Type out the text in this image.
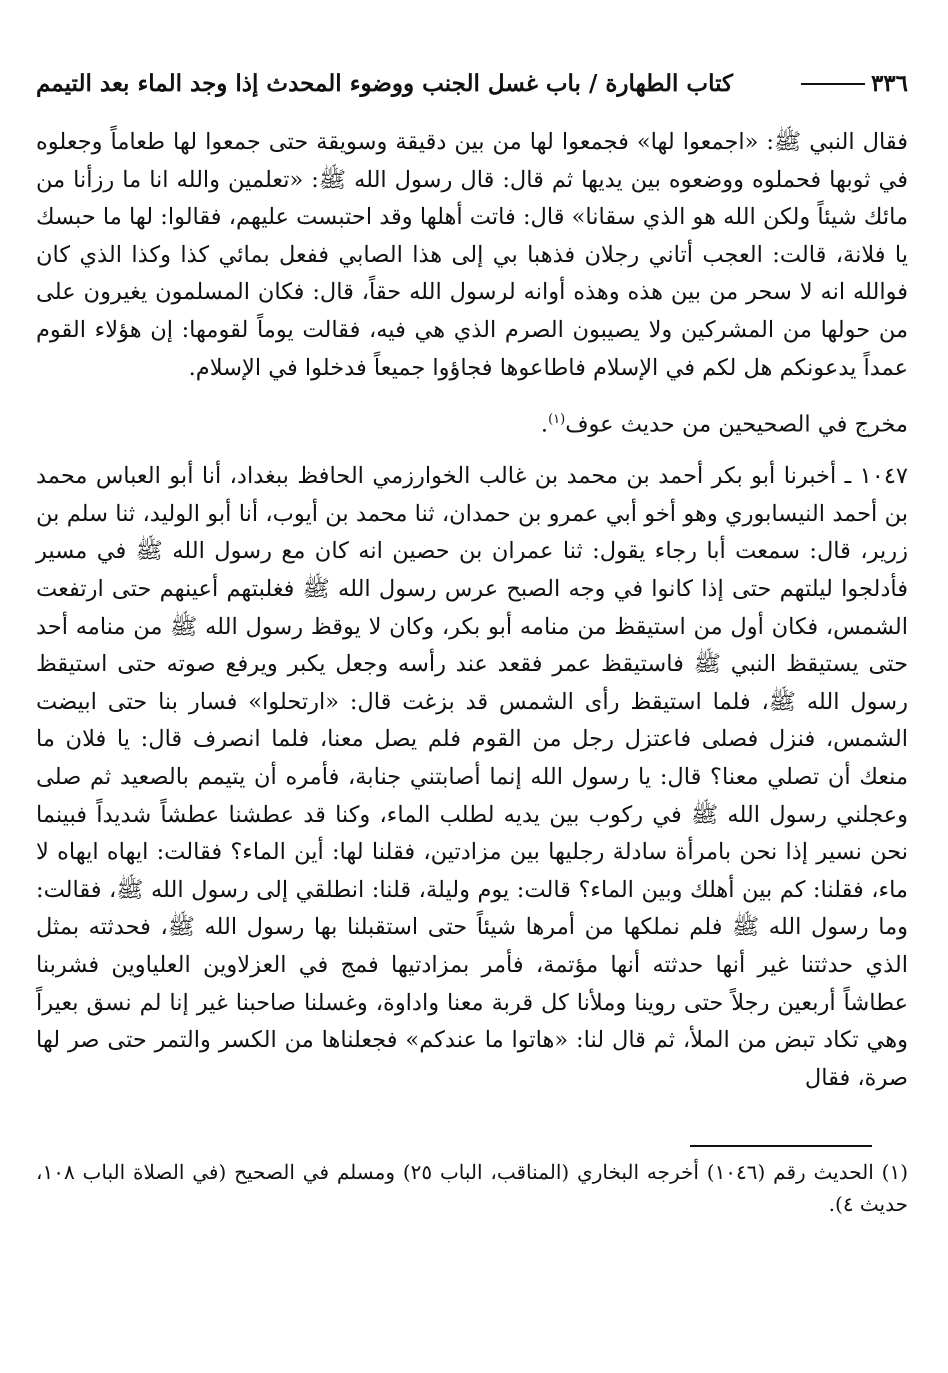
٣٣٦
كتاب الطهارة / باب غسل الجنب ووضوء المحدث إذا وجد الماء بعد التيمم

فقال النبي ﷺ: «اجمعوا لها» فجمعوا لها من بين دقيقة وسويقة حتى جمعوا لها طعاماً وجعلوه في ثوبها فحملوه ووضعوه بين يديها ثم قال: قال رسول الله ﷺ: «تعلمين والله انا ما رزأنا من مائك شيئاً ولكن الله هو الذي سقانا» قال: فاتت أهلها وقد احتبست عليهم، فقالوا: لها ما حبسك يا فلانة، قالت: العجب أتاني رجلان فذهبا بي إلى هذا الصابي ففعل بمائي كذا وكذا الذي كان فوالله انه لا سحر من بين هذه وهذه أوانه لرسول الله حقاً، قال: فكان المسلمون يغيرون على من حولها من المشركين ولا يصيبون الصرم الذي هي فيه، فقالت يوماً لقومها: إن هؤلاء القوم عمداً يدعونكم هل لكم في الإسلام فاطاعوها فجاؤوا جميعاً فدخلوا في الإسلام.

مخرج في الصحيحين من حديث عوف$^{(١)}$.

١٠٤٧ ـ أخبرنا أبو بكر أحمد بن محمد بن غالب الخوارزمي الحافظ ببغداد، أنا أبو العباس محمد بن أحمد النيسابوري وهو أخو أبي عمرو بن حمدان، ثنا محمد بن أيوب، أنا أبو الوليد، ثنا سلم بن زرير، قال: سمعت أبا رجاء يقول: ثنا عمران بن حصين انه كان مع رسول الله ﷺ في مسير فأدلجوا ليلتهم حتى إذا كانوا في وجه الصبح عرس رسول الله ﷺ فغلبتهم أعينهم حتى ارتفعت الشمس، فكان أول من استيقظ من منامه أبو بكر، وكان لا يوقظ رسول الله ﷺ من منامه أحد حتى يستيقظ النبي ﷺ فاستيقظ عمر فقعد عند رأسه وجعل يكبر ويرفع صوته حتى استيقظ رسول الله ﷺ، فلما استيقظ رأى الشمس قد بزغت قال: «ارتحلوا» فسار بنا حتى ابيضت الشمس، فنزل فصلى فاعتزل رجل من القوم فلم يصل معنا، فلما انصرف قال: يا فلان ما منعك أن تصلي معنا؟ قال: يا رسول الله إنما أصابتني جنابة، فأمره أن يتيمم بالصعيد ثم صلى وعجلني رسول الله ﷺ في ركوب بين يديه لطلب الماء، وكنا قد عطشنا عطشاً شديداً فبينما نحن نسير إذا نحن بامرأة سادلة رجليها بين مزادتين، فقلنا لها: أين الماء؟ فقالت: ايهاه ايهاه لا ماء، فقلنا: كم بين أهلك وبين الماء؟ قالت: يوم وليلة، قلنا: انطلقي إلى رسول الله ﷺ، فقالت: وما رسول الله ﷺ فلم نملكها من أمرها شيئاً حتى استقبلنا بها رسول الله ﷺ، فحدثته بمثل الذي حدثتنا غير أنها حدثته أنها مؤتمة، فأمر بمزادتيها فمج في العزلاوين العلياوين فشربنا عطاشاً أربعين رجلاً حتى روينا وملأنا كل قربة معنا واداوة، وغسلنا صاحبنا غير إنا لم نسق بعيراً وهي تكاد تبض من الملأ، ثم قال لنا: «هاتوا ما عندكم» فجعلناها من الكسر والتمر حتى صر لها صرة، فقال

(١) الحديث رقم (١٠٤٦) أخرجه البخاري (المناقب، الباب ٢٥) ومسلم في الصحيح (في الصلاة الباب ١٠٨، حديث ٤).
